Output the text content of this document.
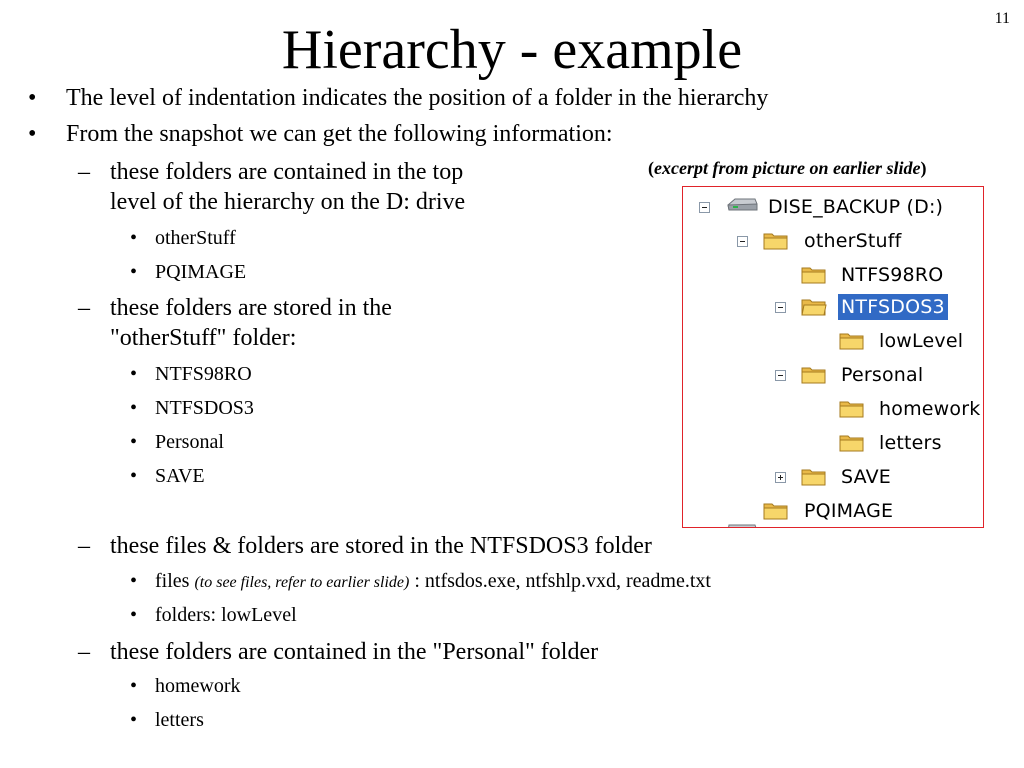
11
Hierarchy - example
• The level of indentation indicates the position of a folder in the hierarchy
• From the snapshot we can get the following information:
– these folders are contained in the top
level of the hierarchy on the D: drive
• otherStuff
• PQIMAGE
– these folders are stored in the
"otherStuff" folder:
• NTFS98RO
• NTFSDOS3
• Personal
• SAVE
– these files & folders are stored in the NTFSDOS3 folder
• files (to see files, refer to earlier slide) : ntfsdos.exe, ntfshlp.vxd, readme.txt
• folders: lowLevel
– these folders are contained in the "Personal" folder
• homework
• letters
(excerpt from picture on earlier slide)
DISE_BACKUP (D:)
otherStuff
NTFS98RO
NTFSDOS3
lowLevel
Personal
homework
letters
SAVE
PQIMAGE
